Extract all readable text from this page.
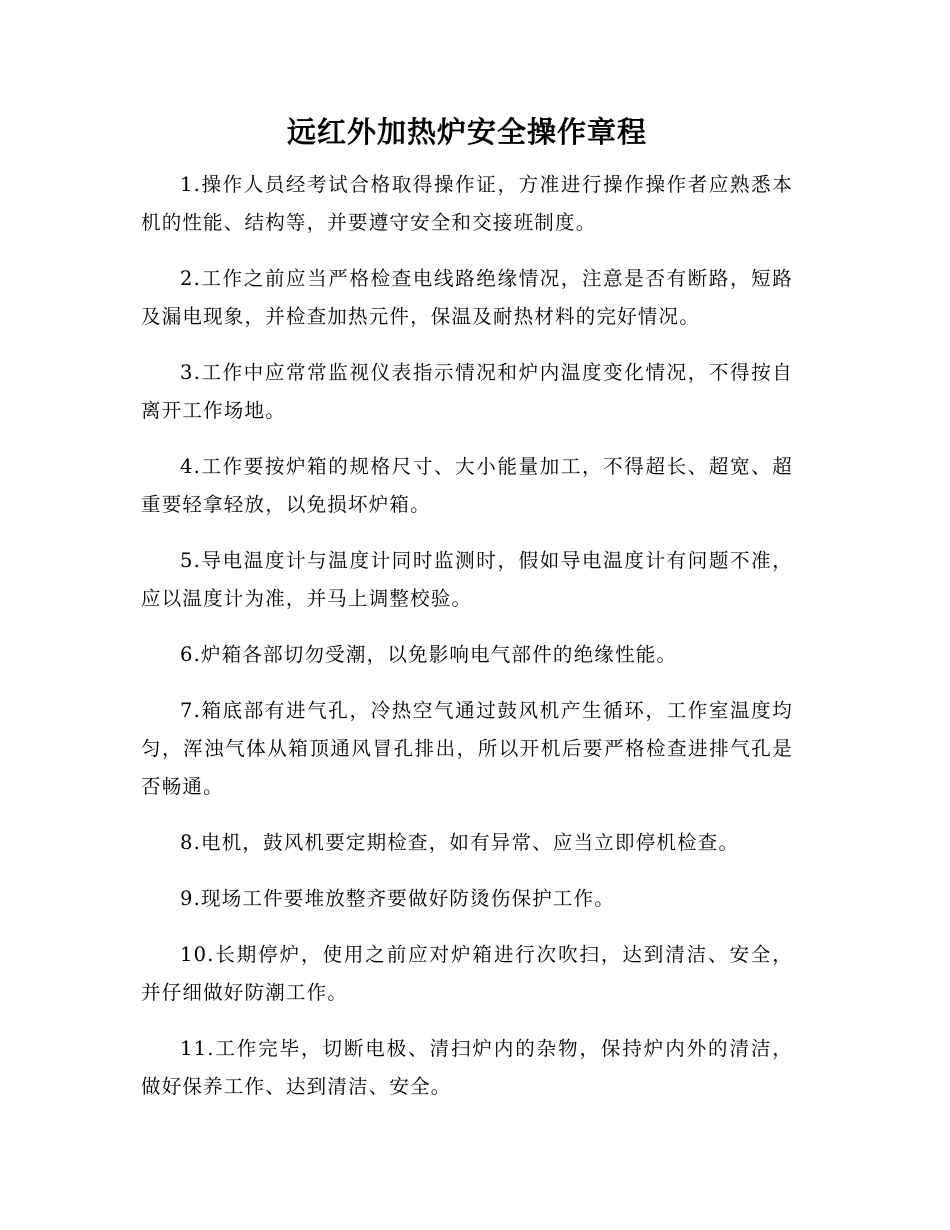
远红外加热炉安全操作章程

1.操作人员经考试合格取得操作证，方准进行操作操作者应熟悉本机的性能、结构等，并要遵守安全和交接班制度。

2.工作之前应当严格检查电线路绝缘情况，注意是否有断路，短路及漏电现象，并检查加热元件，保温及耐热材料的完好情况。

3.工作中应常常监视仪表指示情况和炉内温度变化情况，不得按自离开工作场地。

4.工作要按炉箱的规格尺寸、大小能量加工，不得超长、超宽、超重要轻拿轻放，以免损坏炉箱。

5.导电温度计与温度计同时监测时，假如导电温度计有问题不准，应以温度计为准，并马上调整校验。

6.炉箱各部切勿受潮，以免影响电气部件的绝缘性能。

7.箱底部有进气孔，冷热空气通过鼓风机产生循环，工作室温度均匀，浑浊气体从箱顶通风冒孔排出，所以开机后要严格检查进排气孔是否畅通。

8.电机，鼓风机要定期检查，如有异常、应当立即停机检查。

9.现场工件要堆放整齐要做好防烫伤保护工作。

10.长期停炉，使用之前应对炉箱进行次吹扫，达到清洁、安全，并仔细做好防潮工作。

11.工作完毕，切断电极、清扫炉内的杂物，保持炉内外的清洁，做好保养工作、达到清洁、安全。
